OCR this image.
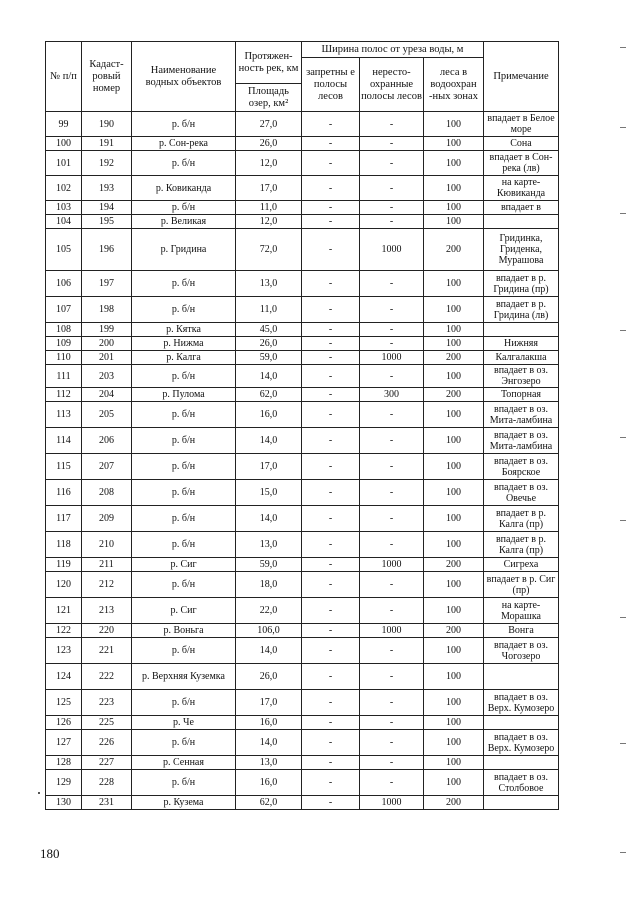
№ п/п	Кадаст-ровый номер	Наименование водных объектов	Протяжен-ность рек, км	Ширина полос от уреза воды, м			Примечание
				запретны е полосы лесов	нересто-охранные полосы лесов	леса в водоохран -ных зонах	
			Площадь озер, км²				
99	190	р. б/н	27,0	-	-	100	впадает в Белое море
100	191	р. Сон-река	26,0	-	-	100	Сона
101	192	р. б/н	12,0	-	-	100	впадает в Сон-река (лв)
102	193	р. Ковиканда	17,0	-	-	100	на карте- Кювиканда
103	194	р. б/н	11,0	-	-	100	впадает в
104	195	р. Великая	12,0	-	-	100	
105	196	р. Гридина	72,0	-	1000	200	Гридинка, Гриденка, Мурашова
106	197	р. б/н	13,0	-	-	100	впадает в р. Гридина (пр)
107	198	р. б/н	11,0	-	-	100	впадает в р. Гридина (лв)
108	199	р. Кятка	45,0	-	-	100	
109	200	р. Нижма	26,0	-	-	100	Нижняя
110	201	р. Калга	59,0	-	1000	200	Калгалакша
111	203	р. б/н	14,0	-	-	100	впадает в оз. Энгозеро
112	204	р. Пулома	62,0	-	300	200	Топорная
113	205	р. б/н	16,0	-	-	100	впадает в оз. Мита-ламбина
114	206	р. б/н	14,0	-	-	100	впадает в оз. Мита-ламбина
115	207	р. б/н	17,0	-	-	100	впадает в оз. Боярское
116	208	р. б/н	15,0	-	-	100	впадает в оз. Овечье
117	209	р. б/н	14,0	-	-	100	впадает в р. Калга (пр)
118	210	р. б/н	13,0	-	-	100	впадает в р. Калга (пр)
119	211	р. Сиг	59,0	-	1000	200	Сигреха
120	212	р. б/н	18,0	-	-	100	впадает в р. Сиг (пр)
121	213	р. Сиг	22,0	-	-	100	на карте- Морашка
122	220	р. Воньга	106,0	-	1000	200	Вонга
123	221	р. б/н	14,0	-	-	100	впадает в оз. Чогозеро
124	222	р. Верхняя Куземка	26,0	-	-	100	
125	223	р. б/н	17,0	-	-	100	впадает в оз. Верх. Кумозеро
126	225	р. Че	16,0	-	-	100	
127	226	р. б/н	14,0	-	-	100	впадает в оз. Верх. Кумозеро
128	227	р. Сенная	13,0	-	-	100	
129	228	р. б/н	16,0	-	-	100	впадает в оз. Столбовое
130	231	р. Кузема	62,0	-	1000	200	
180
